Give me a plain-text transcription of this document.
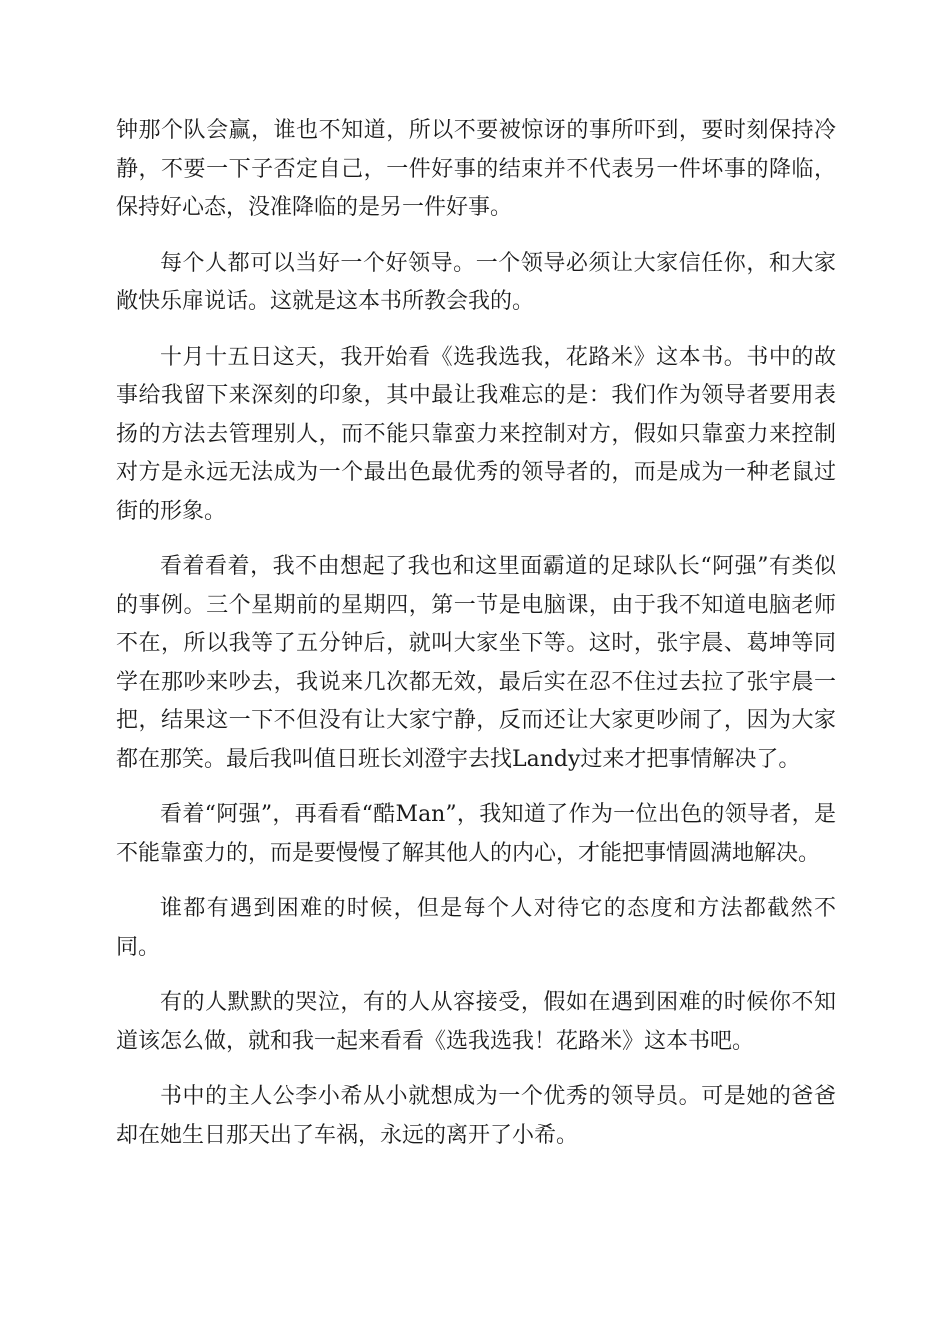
钟那个队会赢，谁也不知道，所以不要被惊讶的事所吓到，要时刻保持冷静，不要一下子否定自己，一件好事的结束并不代表另一件坏事的降临，保持好心态，没准降临的是另一件好事。

每个人都可以当好一个好领导。一个领导必须让大家信任你，和大家敞快乐扉说话。这就是这本书所教会我的。

十月十五日这天，我开始看《选我选我，花路米》这本书。书中的故事给我留下来深刻的印象，其中最让我难忘的是：我们作为领导者要用表扬的方法去管理别人，而不能只靠蛮力来控制对方，假如只靠蛮力来控制对方是永远无法成为一个最出色最优秀的领导者的，而是成为一种老鼠过街的形象。

看着看着，我不由想起了我也和这里面霸道的足球队长“阿强”有类似的事例。三个星期前的星期四，第一节是电脑课，由于我不知道电脑老师不在，所以我等了五分钟后，就叫大家坐下等。这时，张宇晨、葛坤等同学在那吵来吵去，我说来几次都无效，最后实在忍不住过去拉了张宇晨一把，结果这一下不但没有让大家宁静，反而还让大家更吵闹了，因为大家都在那笑。最后我叫值日班长刘澄宇去找Landy过来才把事情解决了。

看着“阿强”，再看看“酷Man”，我知道了作为一位出色的领导者，是不能靠蛮力的，而是要慢慢了解其他人的内心，才能把事情圆满地解决。

谁都有遇到困难的时候，但是每个人对待它的态度和方法都截然不同。

有的人默默的哭泣，有的人从容接受，假如在遇到困难的时候你不知道该怎么做，就和我一起来看看《选我选我！花路米》这本书吧。

书中的主人公李小希从小就想成为一个优秀的领导员。可是她的爸爸却在她生日那天出了车祸，永远的离开了小希。
